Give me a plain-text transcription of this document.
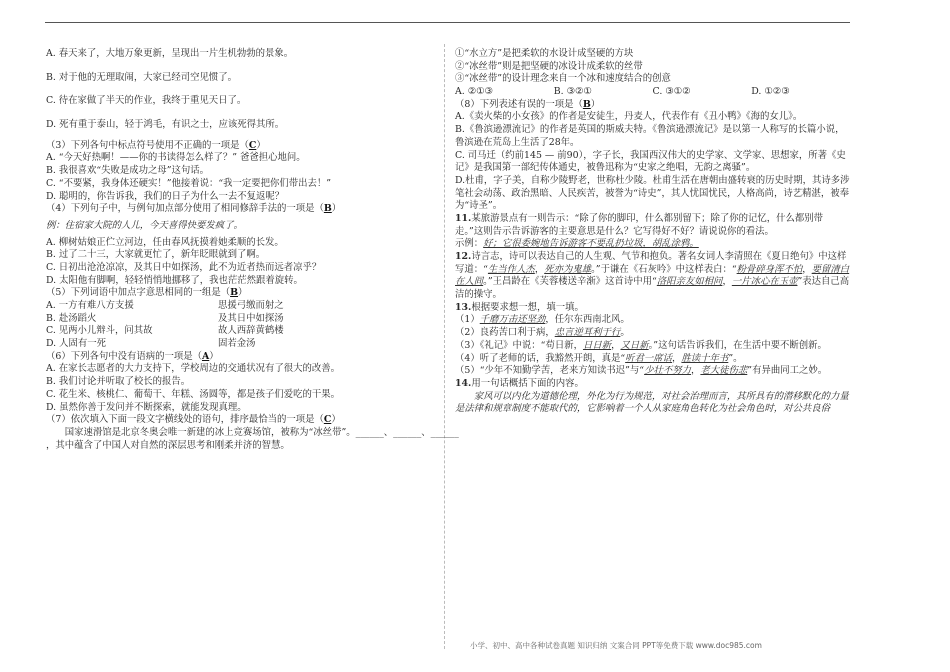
A. 春天来了，大地万象更新，呈现出一片生机勃勃的景象。

B. 对于他的无理取闹，大家已经司空见惯了。

C. 待在家做了半天的作业，我终于重见天日了。

D. 死有重于泰山，轻于鸿毛，有识之士，应该死得其所。

（3）下列各句中标点符号使用不正确的一项是（C）

A. “今天好热啊！——你的书读得怎么样了？” 爸爸担心地问。

B. 我很喜欢“失败是成功之母”这句话。

C. “不要紧，我身体还硬实！”他接着说：“我一定要把你们带出去！”

D. 聪明的，你告诉我，我们的日子为什么一去不复返呢？

（4）下列句子中，与例句加点部分使用了相同修辞手法的一项是（B）

例：住宿家大院的人儿，今天喜得快要发疯了。

A. 柳树姑娘正伫立河边，任由春风抚摸着她柔顺的长发。

B. 过了二十三，大家就更忙了，新年眨眼就到了啊。

C. 日初出沧沧凉凉，及其日中如探汤，此不为近者热而远者凉乎？

D. 太阳他有脚啊，轻轻悄悄地挪移了，我也茫茫然跟着旋转。

（5）下列词语中加点字意思相同的一组是（B）

A. 一方有难八方支援	思援弓缴而射之
B. 赴汤蹈火	及其日中如探汤
C. 见两小儿辩斗，问其故	故人西辞黄鹤楼
D. 人固有一死	固若金汤

（6）下列各句中没有语病的一项是（A）

A. 在家长志愿者的大力支持下，学校周边的交通状况有了很大的改善。

B. 我们讨论并听取了校长的报告。

C. 花生米、核桃仁、葡萄干、年糕、汤圆等，都是孩子们爱吃的干果。

D. 虽然你善于发问并不断探索，就能发现真理。

（7）依次填入下面一段文字横线处的语句，排序最恰当的一项是（C）

国家速滑馆是北京冬奥会唯一新建的冰上竞赛场馆，被称为“冰丝带”。______、______、______

，其中蕴含了中国人对自然的深层思考和刚柔并济的智慧。

①“水立方”是把柔软的水设计成坚硬的方块

②“冰丝带”则是把坚硬的冰设计成柔软的丝带

③“冰丝带”的设计理念来自一个冰和速度结合的创意

A. ②①③	B. ③②①	C. ③①②	D. ①②③

（8）下列表述有误的一项是（B）

A.《卖火柴的小女孩》的作者是安徒生，丹麦人，代表作有《丑小鸭》《海的女儿》。

B.《鲁滨逊漂流记》的作者是英国的斯威夫特。《鲁滨逊漂流记》是以第一人称写的长篇小说，鲁滨逊在荒岛上生活了28年。

C. 司马迁（约前145 — 前90），字子长，我国西汉伟大的史学家、文学家、思想家，所著《史记》是我国第一部纪传体通史，被鲁迅称为“史家之绝唱，无韵之离骚”。

D.杜甫，字子美，自称少陵野老，世称杜少陵。杜甫生活在唐朝由盛转衰的历史时期，其诗多涉笔社会动荡、政治黑暗、人民疾苦，被誉为“诗史”，其人忧国忧民，人格高尚，诗艺精湛，被奉为“诗圣”。

11.某旅游景点有一则告示：“除了你的脚印，什么都别留下；除了你的记忆，什么都别带走。”这则告示告诉游客的主要意思是什么？它写得好不好？请说说你的看法。

示例：好；它很委婉地告诉游客不要乱扔垃圾，胡乱涂鸦。

12.诗言志，诗可以表达自己的人生观、气节和抱负。著名女词人李清照在《夏日绝句》中这样写道：“生当作人杰，死亦为鬼雄。”于谦在《石灰吟》中这样表白：“粉骨碎身浑不怕，要留清白在人间。”王昌龄在《芙蓉楼送辛渐》这首诗中用“洛阳亲友如相问，一片冰心在玉壶”表达自己高洁的操守。

13.根据要求想一想，填一填。

（1）千磨万击还坚劲，任尔东西南北风。

（2）良药苦口利于病，忠言逆耳利于行。

（3）《礼记》中说：“苟日新，日日新，又日新。”这句话告诉我们，在生活中要不断创新。

（4）听了老师的话，我豁然开朗，真是“听君一席话，胜读十年书”。

（5）“少年不知勤学苦，老来方知读书迟”与“少壮不努力，老大徒伤悲”有异曲同工之妙。

14.用一句话概括下面的内容。

家风可以内化为道德伦理，外化为行为规范，对社会治理而言，其所具有的潜移默化的力量是法律和规章制度不能取代的，它影响着一个人从家庭角色转化为社会角色时，对公共良俗

小学、初中、高中各种试卷真题 知识归纳 文案合同 PPT等免费下载 www.doc985.com
